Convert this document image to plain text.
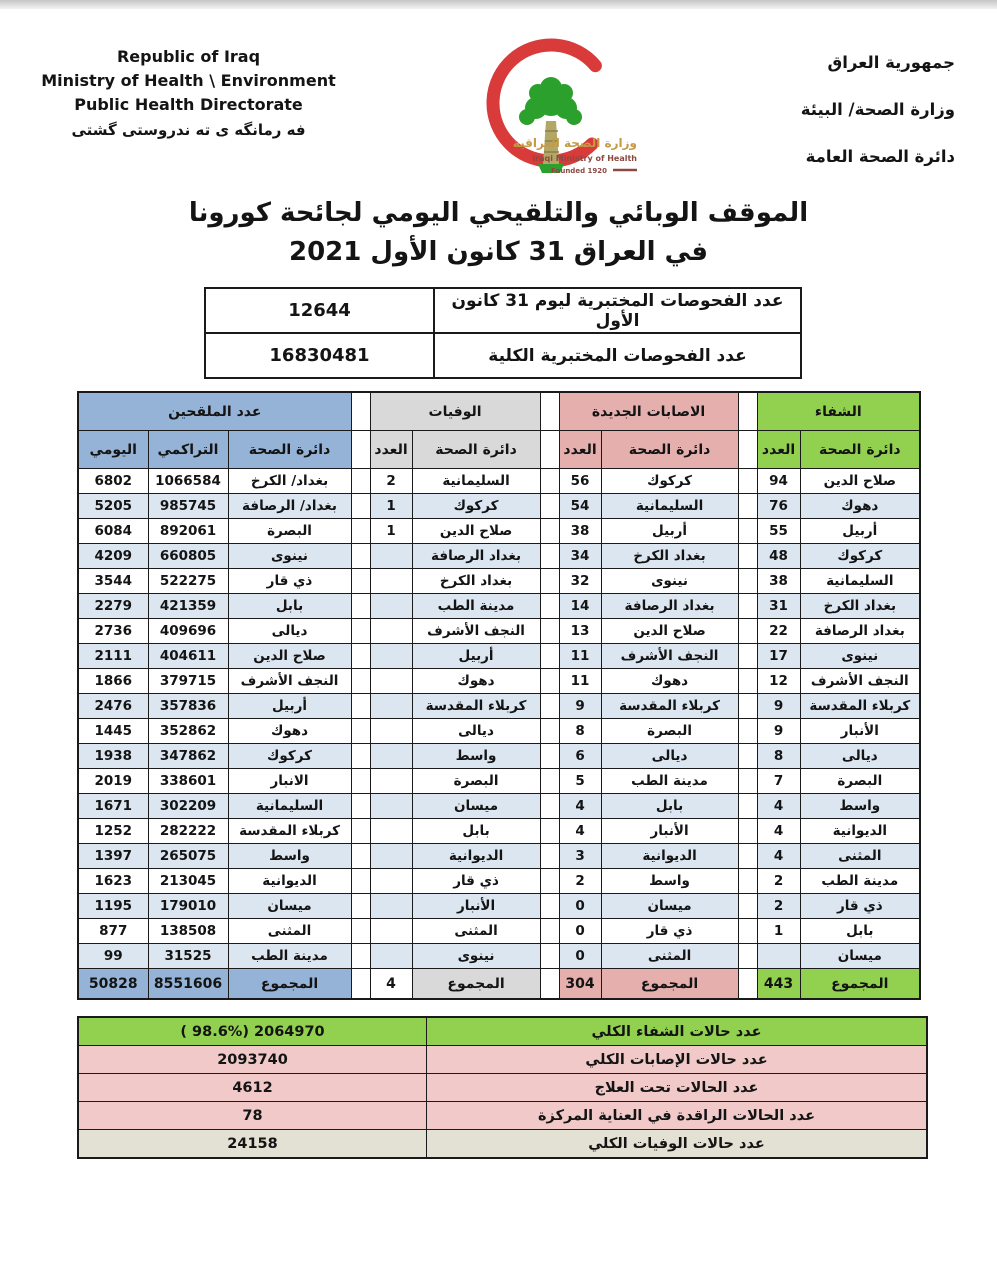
Republic of Iraq
Ministry of Health \ Environment
Public Health Directorate
فه رمانگه ی ته ندروستی گشتی
وزارة الصحة العراقية
Iraqi Ministry of Health
Founded 1920
جمهورية العراق
وزارة الصحة/ البيئة
دائرة الصحة العامة
الموقف الوبائي والتلقيحي اليومي لجائحة كورونا
في العراق 31 كانون الأول 2021
12644	عدد الفحوصات المختبرية ليوم 31 كانون الأول
16830481	عدد الفحوصات المختبرية الكلية
عدد الملقحين				الوفيات			الاصابات الجديدة			الشفاء	
اليومي	التراكمي	دائرة الصحة		العدد	دائرة الصحة		العدد	دائرة الصحة		العدد	دائرة الصحة
6802	1066584	بغداد/ الكرخ		2	السليمانية		56	كركوك		94	صلاح الدين
5205	985745	بغداد/ الرصافة		1	كركوك		54	السليمانية		76	دهوك
6084	892061	البصرة		1	صلاح الدين		38	أربيل		55	أربيل
4209	660805	نينوى			بغداد الرصافة		34	بغداد الكرخ		48	كركوك
3544	522275	ذي قار			بغداد الكرخ		32	نينوى		38	السليمانية
2279	421359	بابل			مدينة الطب		14	بغداد الرصافة		31	بغداد الكرخ
2736	409696	ديالى			النجف الأشرف		13	صلاح الدين		22	بغداد الرصافة
2111	404611	صلاح الدين			أربيل		11	النجف الأشرف		17	نينوى
1866	379715	النجف الأشرف			دهوك		11	دهوك		12	النجف الأشرف
2476	357836	أربيل			كربلاء المقدسة		9	كربلاء المقدسة		9	كربلاء المقدسة
1445	352862	دهوك			ديالى		8	البصرة		9	الأنبار
1938	347862	كركوك			واسط		6	ديالى		8	ديالى
2019	338601	الانبار			البصرة		5	مدينة الطب		7	البصرة
1671	302209	السليمانية			ميسان		4	بابل		4	واسط
1252	282222	كربلاء المقدسة			بابل		4	الأنبار		4	الديوانية
1397	265075	واسط			الديوانية		3	الديوانية		4	المثنى
1623	213045	الديوانية			ذي قار		2	واسط		2	مدينة الطب
1195	179010	ميسان			الأنبار		0	ميسان		2	ذي قار
877	138508	المثنى			المثنى		0	ذي قار		1	بابل
99	31525	مدينة الطب			نينوى		0	المثنى			ميسان
50828	8551606	المجموع		4	المجموع		304	المجموع		443	المجموع
( 98.6%) 2064970	عدد حالات الشفاء الكلي
2093740	عدد حالات الإصابات الكلي
4612	عدد الحالات تحت العلاج
78	عدد الحالات الراقدة في العناية المركزة
24158	عدد حالات الوفيات الكلي
